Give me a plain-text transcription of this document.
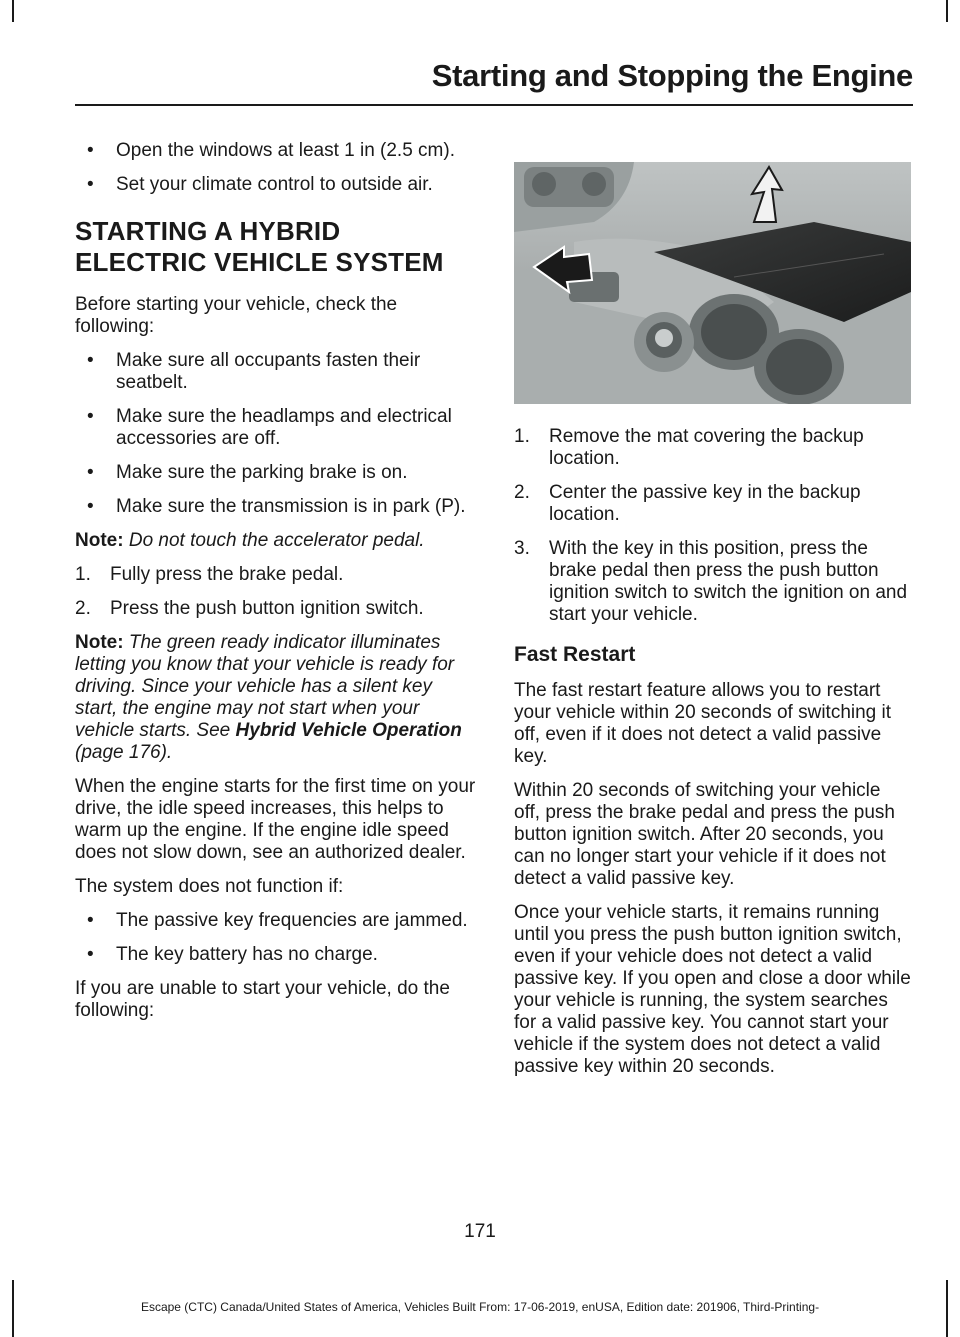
Starting and Stopping the Engine
• Open the windows at least 1 in (2.5 cm).
• Set your climate control to outside air.
STARTING A HYBRID
ELECTRIC VEHICLE SYSTEM

Before starting your vehicle, check the following:

• Make sure all occupants fasten their seatbelt.
• Make sure the headlamps and electrical accessories are off.
• Make sure the parking brake is on.
• Make sure the transmission is in park (P).

Note: Do not touch the accelerator pedal.

1. Fully press the brake pedal.
2. Press the push button ignition switch.

Note: The green ready indicator illuminates letting you know that your vehicle is ready for driving. Since your vehicle has a silent key start, the engine may not start when your vehicle starts. See Hybrid Vehicle Operation (page 176).

When the engine starts for the first time on your drive, the idle speed increases, this helps to warm up the engine. If the engine idle speed does not slow down, see an authorized dealer.

The system does not function if:

• The passive key frequencies are jammed.
• The key battery has no charge.

If you are unable to start your vehicle, do the following:

1. Remove the mat covering the backup location.
2. Center the passive key in the backup location.
3. With the key in this position, press the brake pedal then press the push button ignition switch to switch the ignition on and start your vehicle.
Fast Restart

The fast restart feature allows you to restart your vehicle within 20 seconds of switching it off, even if it does not detect a valid passive key.

Within 20 seconds of switching your vehicle off, press the brake pedal and press the push button ignition switch. After 20 seconds, you can no longer start your vehicle if it does not detect a valid passive key.

Once your vehicle starts, it remains running until you press the push button ignition switch, even if your vehicle does not detect a valid passive key. If you open and close a door while your vehicle is running, the system searches for a valid passive key. You cannot start your vehicle if the system does not detect a valid passive key within 20 seconds.

171
Escape (CTC) Canada/United States of America, Vehicles Built From: 17-06-2019, enUSA, Edition date: 201906, Third-Printing-
